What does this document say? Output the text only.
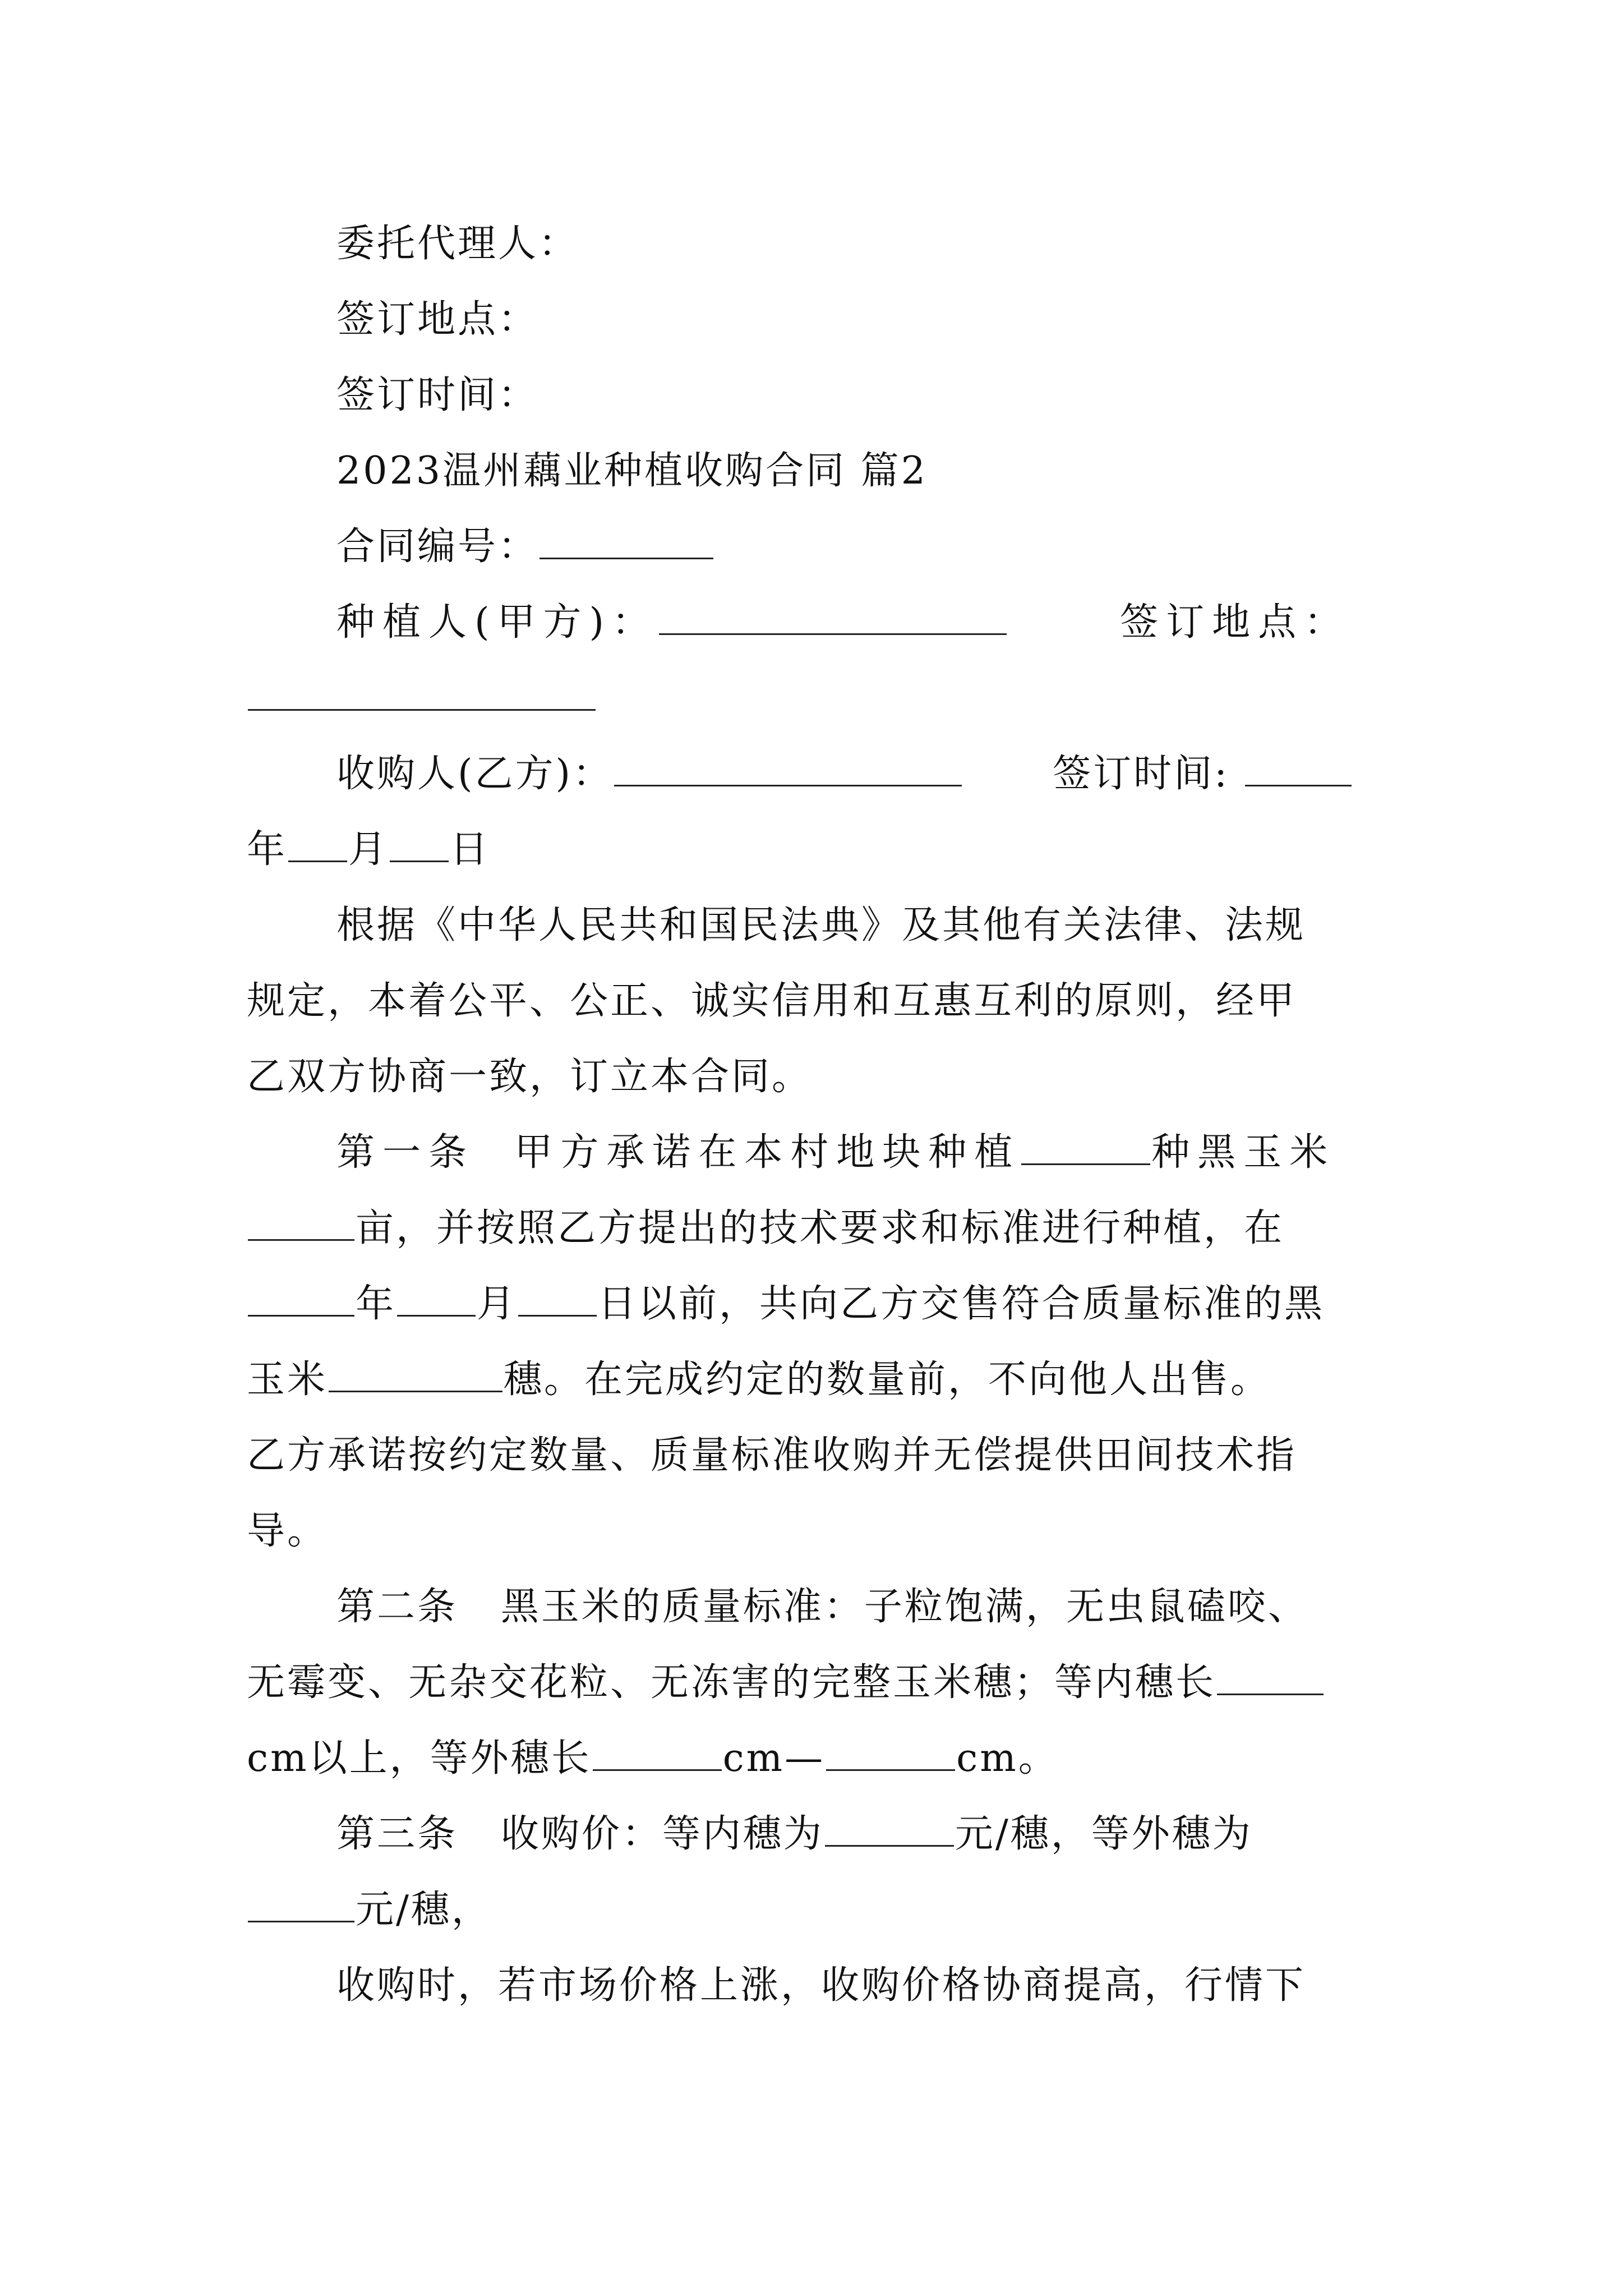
委托代理人：
签订地点：
签订时间：
2023温州藕业种植收购合同 篇2
合同编号：
种植人(甲方)：	签订地点：
收购人(乙方)：	签订时间:
年 月 日
根据《中华人民共和国民法典》及其他有关法律、法规
规定，本着公平、公正、诚实信用和互惠互利的原则，经甲
乙双方协商一致，订立本合同。
第一条 甲方承诺在本村地块种植	种黑玉米
亩，并按照乙方提出的技术要求和标准进行种植，在
年 月 日以前，共向乙方交售符合质量标准的黑
玉米	穗。在完成约定的数量前，不向他人出售。
乙方承诺按约定数量、质量标准收购并无偿提供田间技术指
导。
第二条 黑玉米的质量标准：子粒饱满，无虫鼠磕咬、
无霉变、无杂交花粒、无冻害的完整玉米穗；等内穗长
cm以上，等外穗长	cm—	cm。
第三条 收购价：等内穗为	元/穗，等外穗为
元/穗，
收购时，若市场价格上涨，收购价格协商提高，行情下
